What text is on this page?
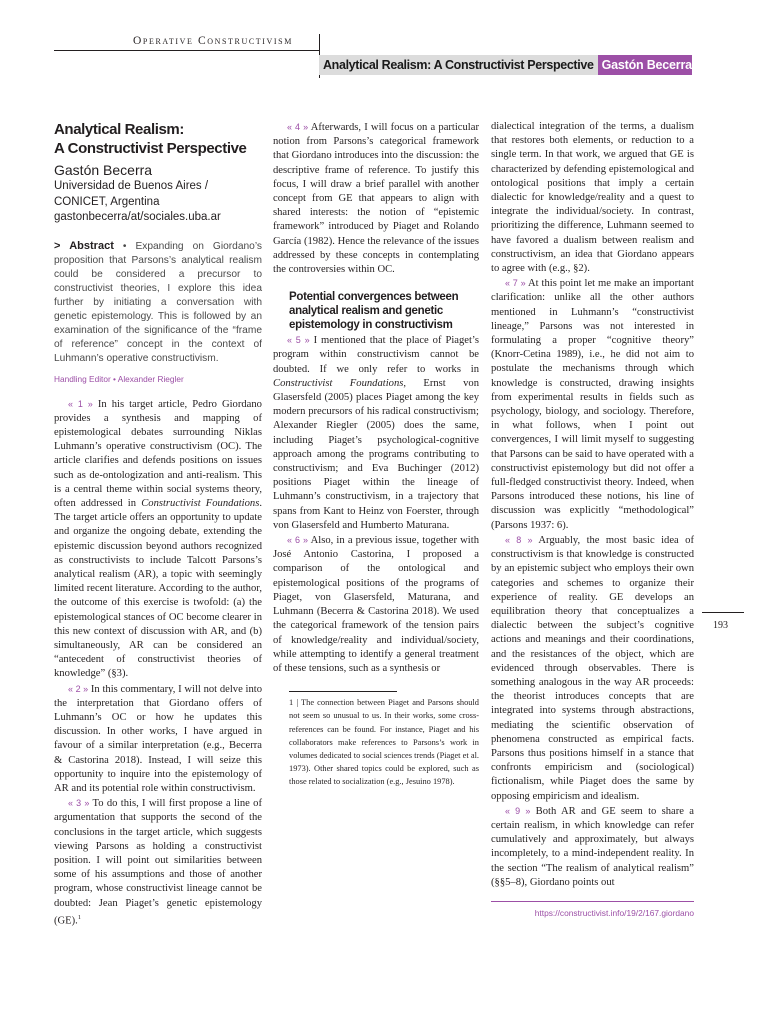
Operative Constructivism
Analytical Realism: A Constructivist Perspective Gastón Becerra
Analytical Realism:
A Constructivist Perspective
Gastón Becerra
Universidad de Buenos Aires /
CONICET, Argentina
gastonbecerra/at/sociales.uba.ar
> Abstract • Expanding on Giordano’s proposition that Parsons’s analytical realism could be considered a precursor to constructivist theories, I explore this idea further by initiating a conversation with genetic epistemology. This is followed by an examination of the significance of the “frame of reference” concept in the context of Luhmann’s operative constructivism.
Handling Editor • Alexander Riegler

« 1 » In his target article, Pedro Giordano provides a synthesis and mapping of epistemological debates surrounding Niklas Luhmann’s operative constructivism (OC). The article clarifies and defends positions on issues such as de-ontologization and anti-realism. This is a central theme within social systems theory, often addressed in Constructivist Foundations. The target article offers an opportunity to update and organize the ongoing debate, extending the epistemic discussion beyond authors recognized as constructivists to include Talcott Parsons’s analytical realism (AR), a topic with seemingly limited recent literature. According to the author, the outcome of this exercise is twofold: (a) the epistemological stances of OC become clearer in this new context of discussion with AR, and (b) simultaneously, AR can be considered an “antecedent of constructivist theories of knowledge” (§3).

« 2 » In this commentary, I will not delve into the interpretation that Giordano offers of Luhmann’s OC or how he updates this discussion. In other works, I have argued in favour of a similar interpretation (e.g., Becerra & Castorina 2018). Instead, I will seize this opportunity to inquire into the epistemology of AR and its potential role within constructivism.

« 3 » To do this, I will first propose a line of argumentation that supports the second of the conclusions in the target article, which suggests viewing Parsons as holding a constructivist position. I will point out similarities between some of his assumptions and those of another program, whose constructivist lineage cannot be doubted: Jean Piaget’s genetic epistemology (GE).$^1$

« 4 » Afterwards, I will focus on a particular notion from Parsons’s categorical framework that Giordano introduces into the discussion: the descriptive frame of reference. To justify this focus, I will draw a brief parallel with another concept from GE that appears to align with shared interests: the notion of “epistemic framework” introduced by Piaget and Rolando García (1982). Hence the relevance of the issues addressed by these concepts in contemplating the controversies within OC.

Potential convergences between analytical realism and genetic epistemology in constructivism

« 5 » I mentioned that the place of Piaget’s program within constructivism cannot be doubted. If we only refer to works in Constructivist Foundations, Ernst von Glasersfeld (2005) places Piaget among the key modern precursors of his radical constructivism; Alexander Riegler (2005) does the same, including Piaget’s psychological-cognitive approach among the programs contributing to constructivism; and Eva Buchinger (2012) positions Piaget within the lineage of Luhmann’s constructivism, in a trajectory that spans from Kant to Heinz von Foerster, through von Glasersfeld and Humberto Maturana.

« 6 » Also, in a previous issue, together with José Antonio Castorina, I proposed a comparison of the ontological and epistemological positions of the programs of Piaget, von Glasersfeld, Maturana, and Luhmann (Becerra & Castorina 2018). We used the categorical framework of the tension pairs of knowledge/reality and individual/society, while attempting to identify a general treatment of these tensions, such as a synthesis or

1 | The connection between Piaget and Parsons should not seem so unusual to us. In their works, some cross-references can be found. For instance, Piaget and his collaborators make references to Parsons’s work in volumes dedicated to social sciences trends (Piaget et al. 1973). Other shared topics could be explored, such as those related to socialization (e.g., Jesuino 1978).

dialectical integration of the terms, a dualism that restores both elements, or reduction to a single term. In that work, we argued that GE is characterized by defending epistemological and ontological positions that imply a certain dialectic for knowledge/reality and a quest to integrate the individual/society. In contrast, prioritizing the difference, Luhmann seemed to have favored a dualism between realism and constructivism, an idea that Giordano appears to agree with (e.g., §2).

« 7 » At this point let me make an important clarification: unlike all the other authors mentioned in Luhmann’s “constructivist lineage,” Parsons was not interested in formulating a proper “cognitive theory” (Knorr-Cetina 1989), i.e., he did not aim to postulate the mechanisms through which knowledge is constructed, drawing insights from experimental results in fields such as psychology, biology, and sociology. Therefore, in what follows, when I point out convergences, I will limit myself to suggesting that Parsons can be said to have operated with a constructivist epistemology but did not offer a full-fledged constructivist theory. Indeed, when Parsons introduced these notions, his line of discussion was explicitly “methodological” (Parsons 1937: 6).

« 8 » Arguably, the most basic idea of constructivism is that knowledge is constructed by an epistemic subject who employs their own categories and schemes to organize their experience of reality. GE develops an equilibration theory that conceptualizes a dialectic between the subject’s cognitive actions and meanings and their coordinations, and the resistances of the object, which are evidenced through observables. There is something analogous in the way AR proceeds: the theorist introduces concepts that are integrated into systems through abstractions, mediating the scientific observation of phenomena constructed as empirical facts. Parsons thus positions himself in a stance that confronts empiricism and (sociological) fictionalism, while Piaget does the same by opposing empiricism and idealism.

« 9 » Both AR and GE seem to share a certain realism, in which knowledge can refer cumulatively and approximately, but always incompletely, to a mind-independent reality. In the section “The realism of analytical realism” (§§5–8), Giordano points out

193
https://constructivist.info/19/2/167.giordano
